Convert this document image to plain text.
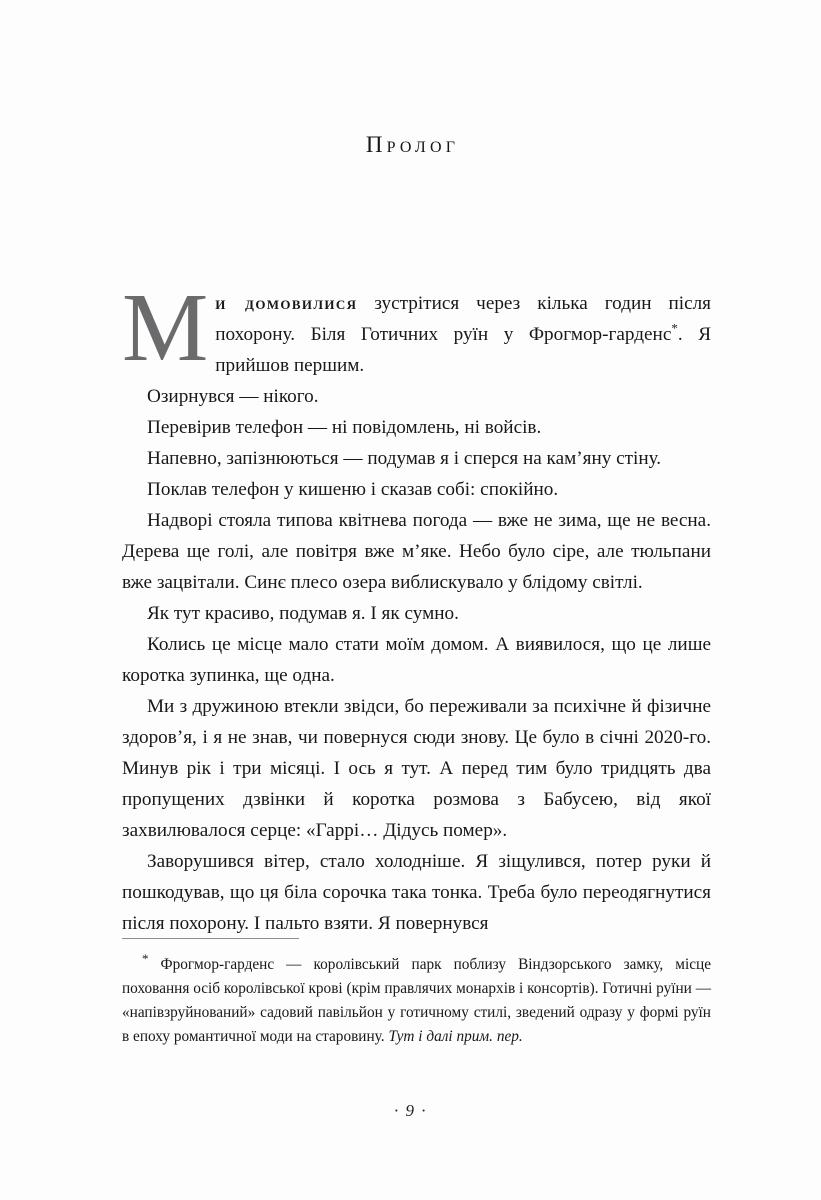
Пролог

Ми домовилися зустрітися через кілька годин після похорону. Біля Готичних руїн у Фрогмор-гарденс*. Я прийшов першим.

Озирнувся — нікого.

Перевірив телефон — ні повідомлень, ні войсів.

Напевно, запізнюються — подумав я і сперся на кам’яну стіну.

Поклав телефон у кишеню і сказав собі: спокійно.

Надворі стояла типова квітнева погода — вже не зима, ще не весна. Дерева ще голі, але повітря вже м’яке. Небо було сіре, але тюльпани вже зацвітали. Синє плесо озера виблискувало у блідому світлі.

Як тут красиво, подумав я. І як сумно.

Колись це місце мало стати моїм домом. А виявилося, що це лише коротка зупинка, ще одна.

Ми з дружиною втекли звідси, бо переживали за психічне й фізичне здоров’я, і я не знав, чи повернуся сюди знову. Це було в січні 2020-го. Минув рік і три місяці. І ось я тут. А перед тим було тридцять два пропущених дзвінки й коротка розмова з Бабусею, від якої захвилювалося серце: «Гаррі… Дідусь помер».

Заворушився вітер, стало холодніше. Я зіщулився, потер руки й пошкодував, що ця біла сорочка така тонка. Треба було переодягнутися після похорону. І пальто взяти. Я повернувся

* Фрогмор-гарденс — королівський парк поблизу Віндзорського замку, місце поховання осіб королівської крові (крім правлячих монархів і консортів). Готичні руїни — «напівзруйнований» садовий павільйон у готичному стилі, зведений одразу у формі руїн в епоху романтичної моди на старовину. Тут і далі прим. пер.

· 9 ·
